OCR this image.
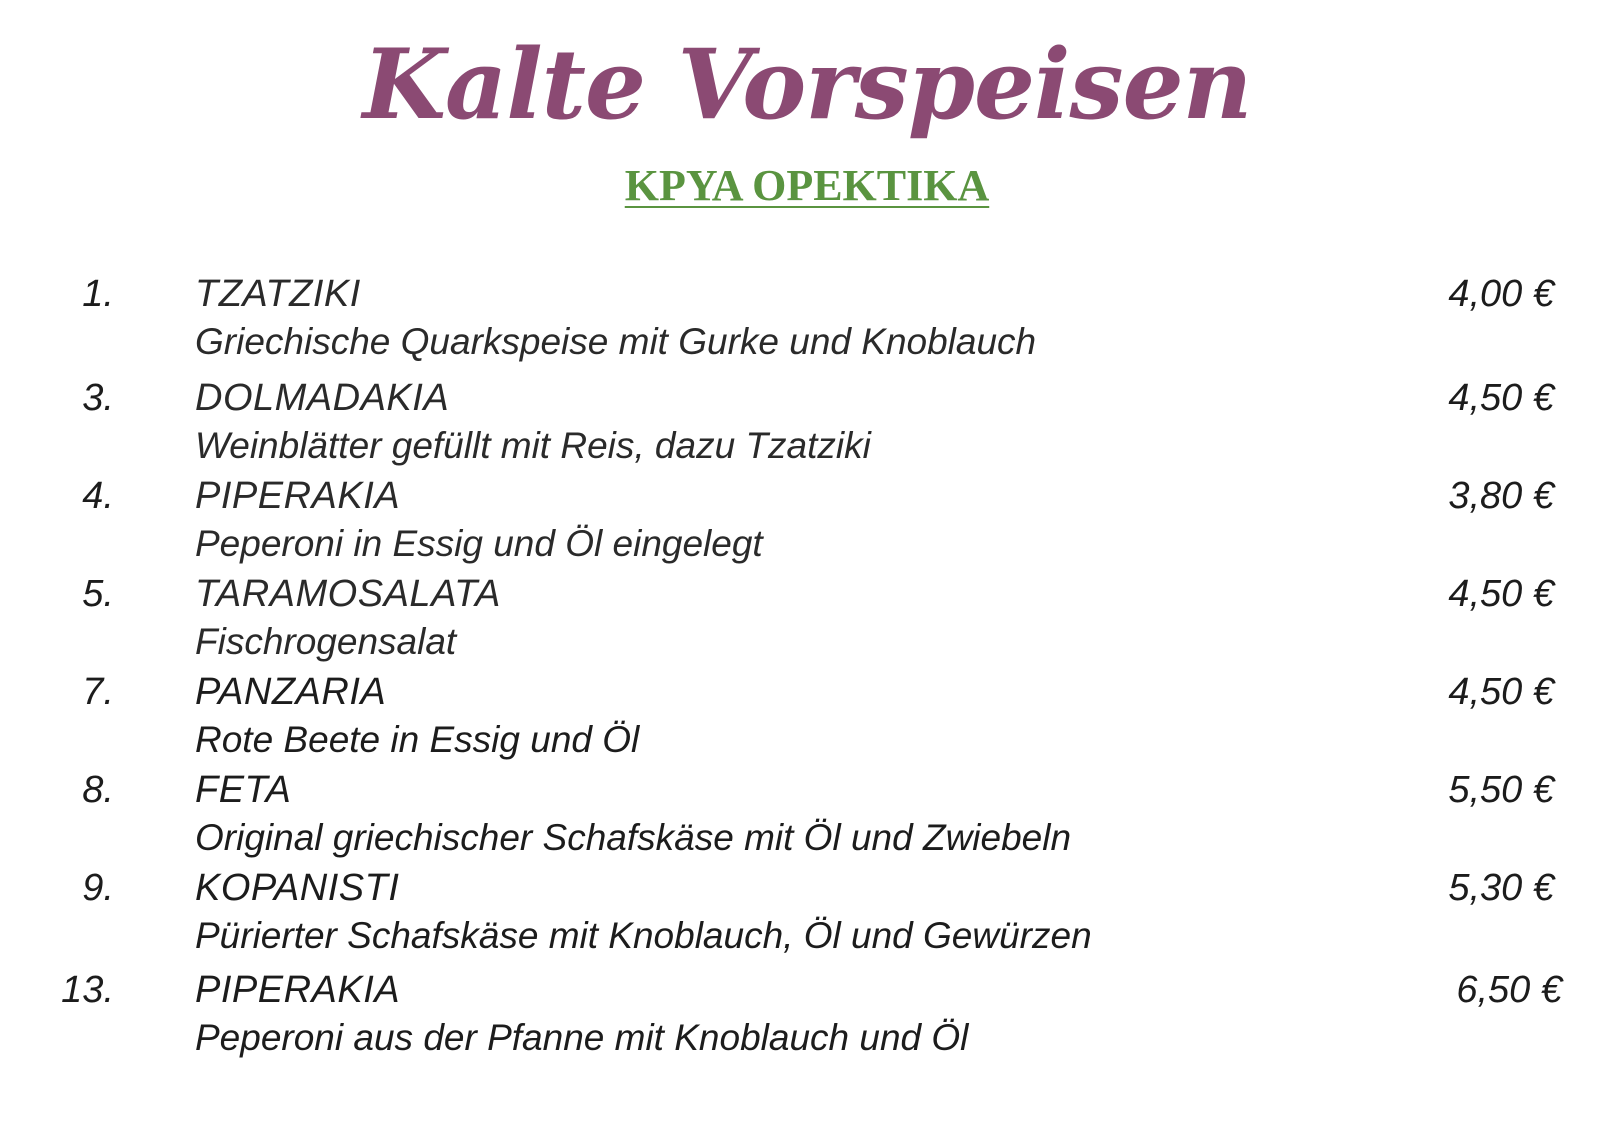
Kalte Vorspeisen
ΚΡΥΑ ΟΡΕΚΤΙΚΑ
1. TZATZIKI
Griechische Quarkspeise mit Gurke und Knoblauch
4,00 €
3. DOLMADAKIA
Weinblätter gefüllt mit Reis, dazu Tzatziki
4,50 €
4. PIPERAKIA
Peperoni in Essig und Öl eingelegt
3,80 €
5. TARAMOSALATA
Fischrogensalat
4,50 €
7. PANZARIA
Rote Beete in Essig und Öl
4,50 €
8. FETA
Original griechischer Schafskäse mit Öl und Zwiebeln
5,50 €
9. KOPANISTI
Pürierter Schafskäse mit Knoblauch, Öl und Gewürzen
5,30 €
13. PIPERAKIA
Peperoni aus der Pfanne mit Knoblauch und Öl
6,50 €
